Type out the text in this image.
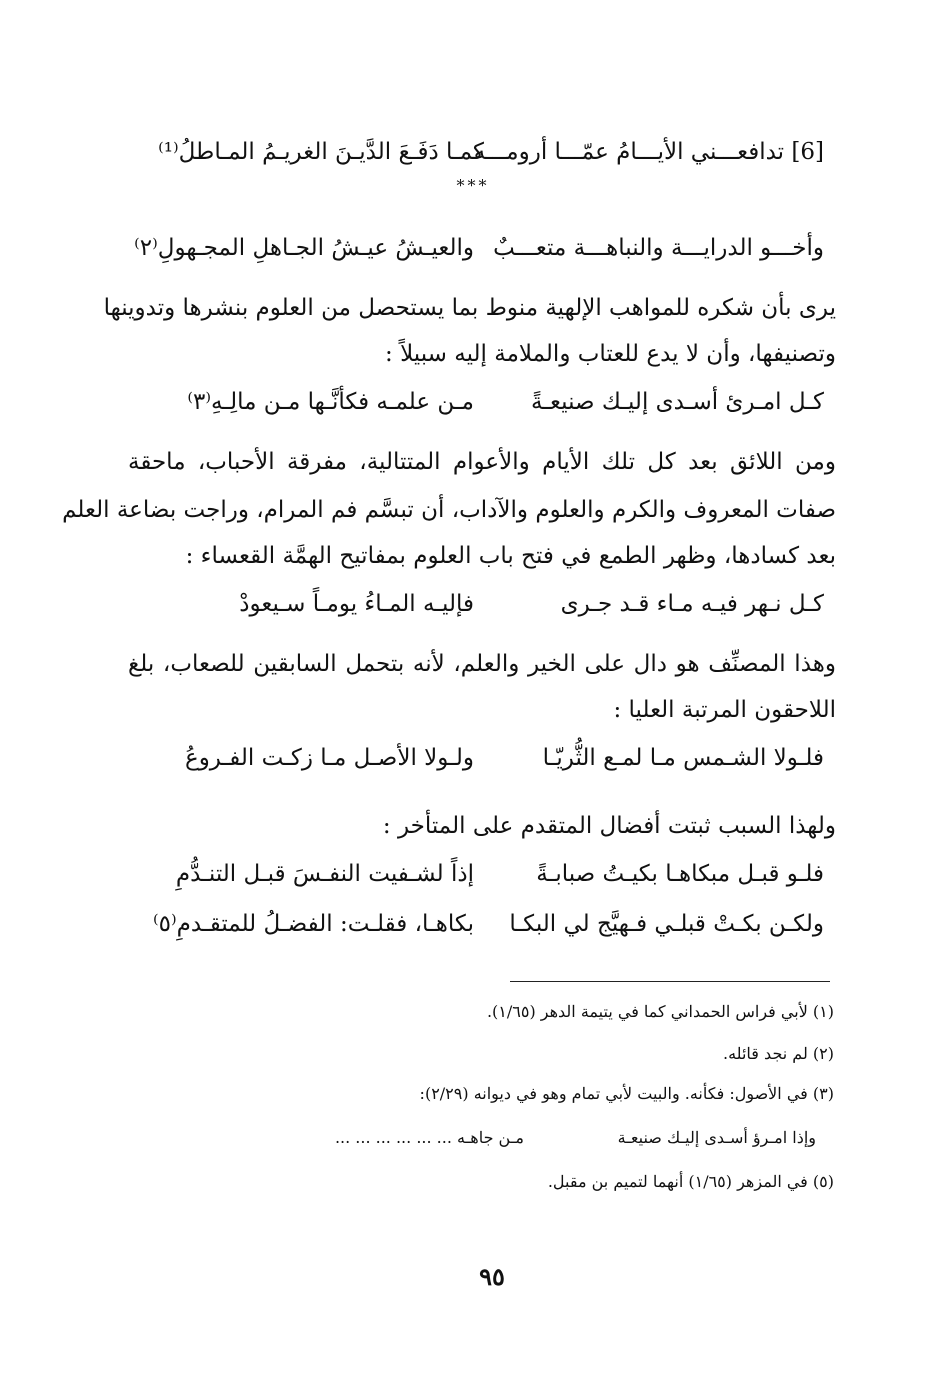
[6] تدافعـــني الأيـــامُ عمّـــا أرومـــه
كمـا دَفَـعَ الدَّيـنَ الغريـمُ المـاطلُ⁽¹⁾
***
وأخـــو الدرايـــة والنباهـــة متعـــبٌ
والعيـشُ عيـشُ الجـاهلِ المجـهولِ⁽٢⁾
يرى بأن شكره للمواهب الإلهية منوط بما يستحصل من العلوم بنشرها وتدوينها
وتصنيفها، وأن لا يدع للعتاب والملامة إليه سبيلاً :
كـل امـرئ أسـدى إليـك صنيعـةً
مـن علمـه فكأنَّـها مـن مالِـهِ⁽٣⁾
ومن اللائق بعد كل تلك الأيام والأعوام المتتالية، مفرقة الأحباب، ماحقة
صفات المعروف والكرم والعلوم والآداب، أن تبسَّم فم المرام، وراجت بضاعة العلم
بعد كسادها، وظهر الطمع في فتح باب العلوم بمفاتيح الهمَّة القعساء :
كـل نـهر فيـه مـاء قـد جـرى
فإليـه المـاءُ يومـاً سـيعودْ
وهذا المصنِّف هو دال على الخير والعلم، لأنه بتحمل السابقين للصعاب، بلغ
اللاحقون المرتبة العليا :
فلـولا الشـمس مـا لمـع الثُّريّـا
ولـولا الأصـل مـا زكـت الفـروعُ
ولهذا السبب ثبتت أفضال المتقدم على المتأخر :
فلـو قبـل مبكاهـا بكيـتُ صبابـةً
إذاً لشـفيت النفـسَ قبـل التنـدُّمِ
ولكـن بكـتْ قبلـي فـهيَّج لي البكـا
بكاهـا، فقلـت: الفضـلُ للمتقـدمِ⁽٥⁾
(١) لأبي فراس الحمداني كما في يتيمة الدهر (١/٦٥).
(٢) لم نجد قائله.
(٣) في الأصول: فكأنه. والبيت لأبي تمام وهو في ديوانه (٢/٢٩):
وإذا امـرؤ أسـدى إليـك صنيعـة
مـن جاهـه ... ... ... ... ... ...
(٥) في المزهر (١/٦٥) أنهما لتميم بن مقبل.
٩٥
